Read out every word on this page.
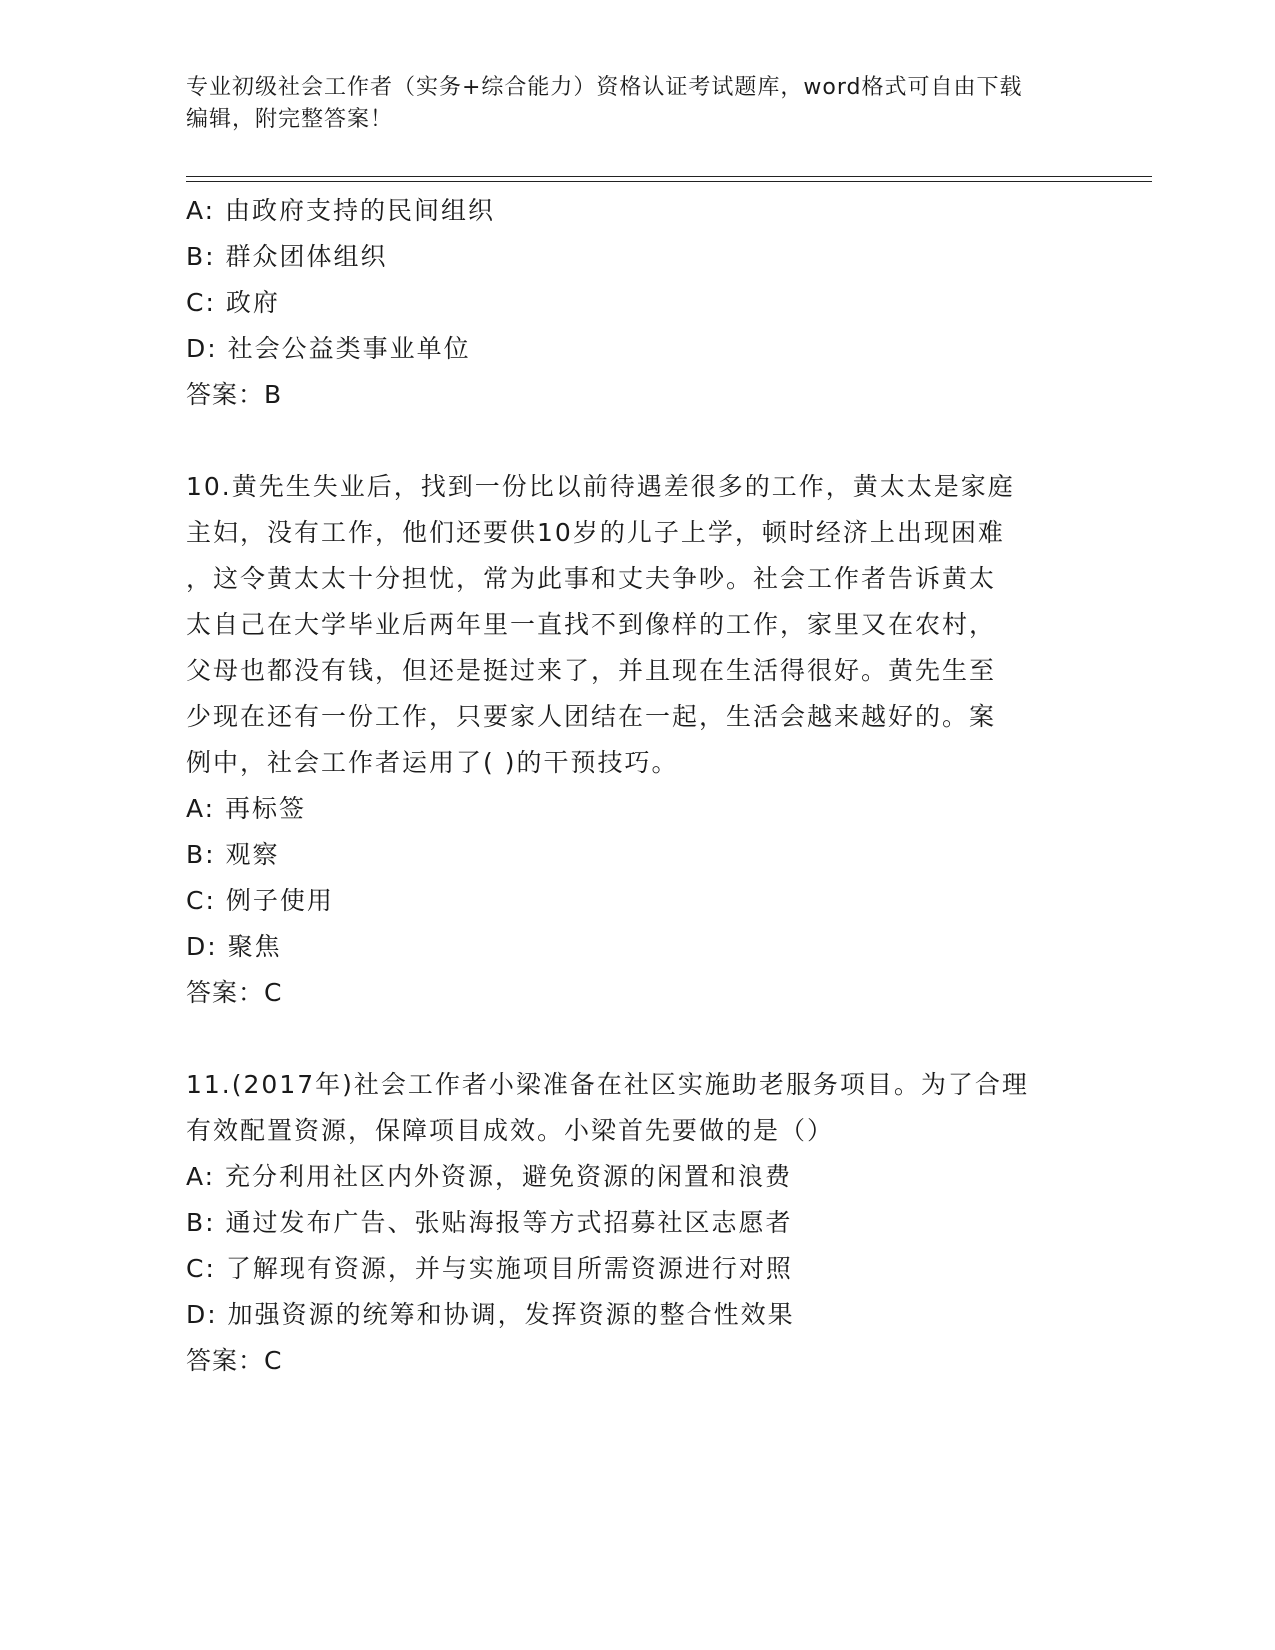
专业初级社会工作者（实务+综合能力）资格认证考试题库，word格式可自由下载
编辑，附完整答案！
A: 由政府支持的民间组织
B: 群众团体组织
C: 政府
D: 社会公益类事业单位
答案：B
10.黄先生失业后，找到一份比以前待遇差很多的工作，黄太太是家庭
主妇，没有工作，他们还要供10岁的儿子上学，顿时经济上出现困难
，这令黄太太十分担忧，常为此事和丈夫争吵。社会工作者告诉黄太
太自己在大学毕业后两年里一直找不到像样的工作，家里又在农村，
父母也都没有钱，但还是挺过来了，并且现在生活得很好。黄先生至
少现在还有一份工作，只要家人团结在一起，生活会越来越好的。案
例中，社会工作者运用了( )的干预技巧。
A: 再标签
B: 观察
C: 例子使用
D: 聚焦
答案：C
11.(2017年)社会工作者小梁准备在社区实施助老服务项目。为了合理
有效配置资源，保障项目成效。小梁首先要做的是（）
A: 充分利用社区内外资源，避免资源的闲置和浪费
B: 通过发布广告、张贴海报等方式招募社区志愿者
C: 了解现有资源，并与实施项目所需资源进行对照
D: 加强资源的统筹和协调，发挥资源的整合性效果
答案：C
